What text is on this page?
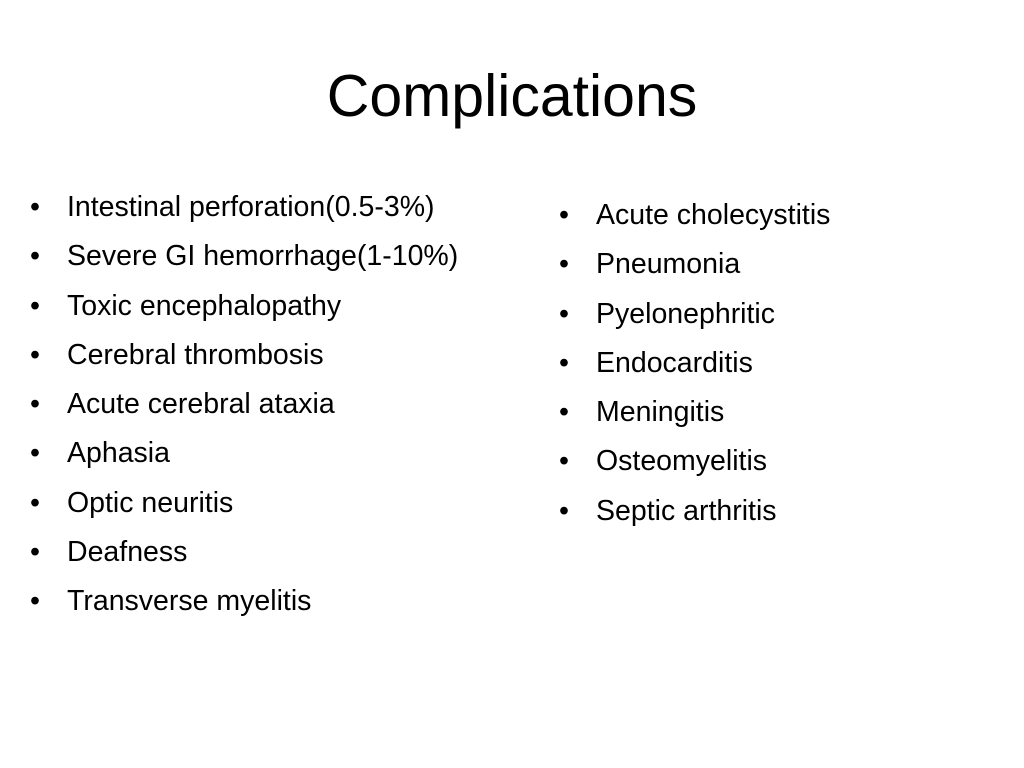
Complications
• Intestinal perforation(0.5-3%)
• Severe GI hemorrhage(1-10%)
• Toxic encephalopathy
• Cerebral thrombosis
• Acute cerebral ataxia
• Aphasia
• Optic neuritis
• Deafness
• Transverse myelitis
• Acute cholecystitis
• Pneumonia
• Pyelonephritic
• Endocarditis
• Meningitis
• Osteomyelitis
• Septic arthritis
